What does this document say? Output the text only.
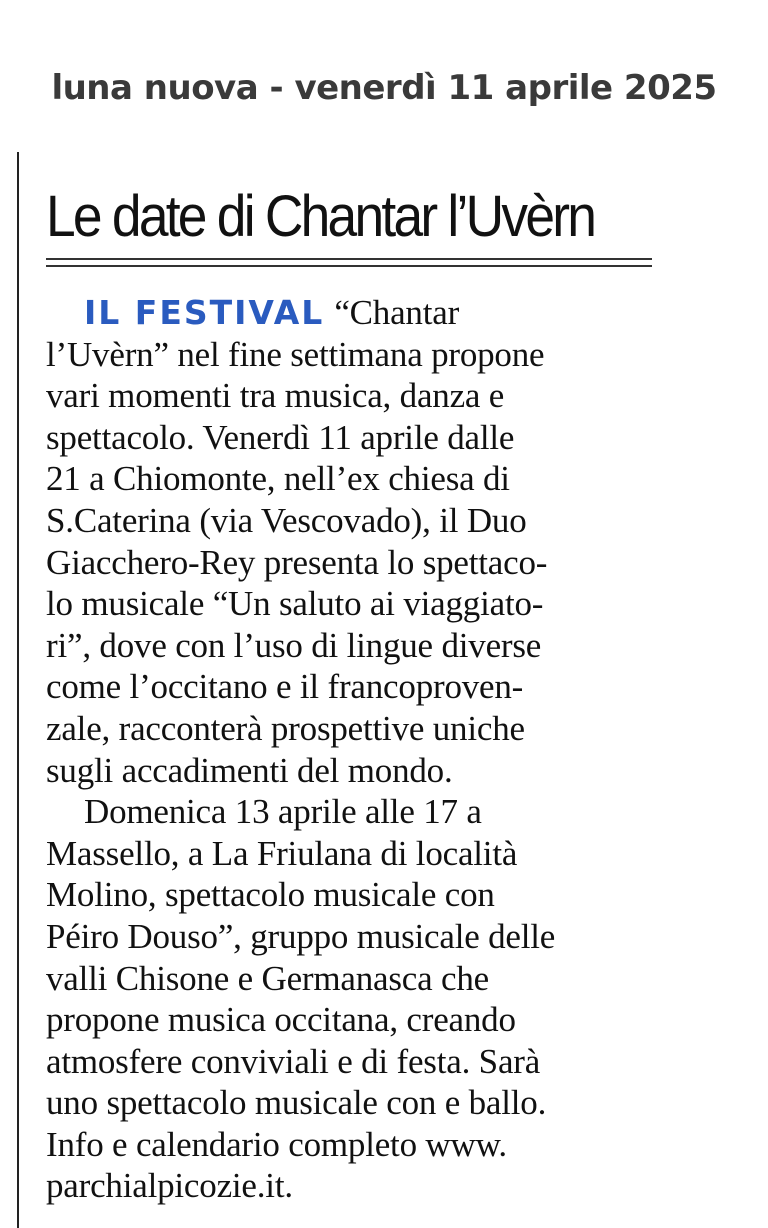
luna nuova - venerdì 11 aprile 2025
Le date di Chantar l’Uvèrn
IL FESTIVAL “Chantar
l’Uvèrn” nel fine settimana propone
vari momenti tra musica, danza e
spettacolo. Venerdì 11 aprile dalle
21 a Chiomonte, nell’ex chiesa di
S.Caterina (via Vescovado), il Duo
Giacchero-Rey presenta lo spettaco-
lo musicale “Un saluto ai viaggiato-
ri”, dove con l’uso di lingue diverse
come l’occitano e il francoproven-
zale, racconterà prospettive uniche
sugli accadimenti del mondo.
Domenica 13 aprile alle 17 a
Massello, a La Friulana di località
Molino, spettacolo musicale con
Péiro Douso”, gruppo musicale delle
valli Chisone e Germanasca che
propone musica occitana, creando
atmosfere conviviali e di festa. Sarà
uno spettacolo musicale con e ballo.
Info e calendario completo www.
parchialpicozie.it.
